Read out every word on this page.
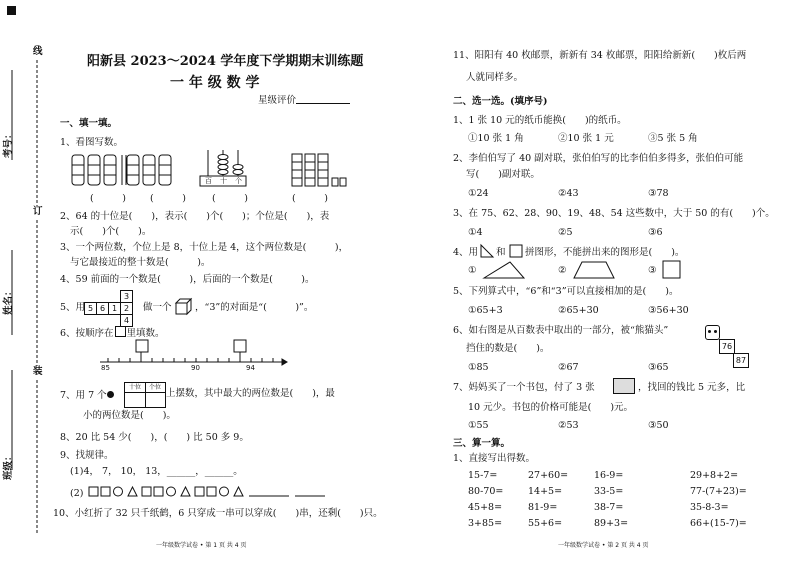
考号：
姓名：
班级：
线
订
装
阳新县 2023～2024 学年度下学期期末训练题
一 年 级 数 学
星级评价
一、填一填。
1、看图写数。
百 十 个
(　　　)	(　　　)	(　　　)	(　　　)
2、64 的十位是(　　)，表示(　　)个(　　)；个位是(　　)，表
示(　　)个(　　)。
3、一个两位数，个位上是 8，十位上是 4，这个两位数是(　　　)，
与它最接近的整十数是(　　　)。
4、59 前面的一个数是(　　　)，后面的一个数是(　　　)。
5、用 5 6 1 2
3
4
做一个 ，“3”的对面是“(　　　)”。
6、按顺序在 里填数。
85	90	94
7、用 7 个
十位	个位
上摆数，其中最大的两位数是(　　)，最
小的两位数是(　　)。
8、20 比 54 少(　　)，(　　) 比 50 多 9。
9、找规律。
(1)4， 7， 10， 13，______，______。
(2)
10、小红折了 32 只千纸鹤，6 只穿成一串可以穿成(　　)串，还剩(　　)只。
一年级数学试卷 • 第 1 页 共 4 页
11、阳阳有 40 枚邮票，新新有 34 枚邮票，阳阳给新新(　　)枚后两
人就同样多。
二、选一选。(填序号)
1、1 张 10 元的纸币能换(　　)的纸币。
①10 张 1 角	②10 张 1 元	③5 张 5 角
2、李伯伯写了 40 副对联，张伯伯写的比李伯伯多得多，张伯伯可能
写(　　)副对联。
①24	②43	③78
3、在 75、62、28、90、19、48、54 这些数中，大于 50 的有(　　)个。
①4	②5	③6
4、用 和 拼图形，不能拼出来的图形是(　　)。
①	②	③
5、下列算式中，“6”和“3”可以直接相加的是(　　)。
①65+3	②65+30	③56+30
6、如右图是从百数表中取出的一部分，被“熊猫头”
挡住的数是(　　)。	76
87
①85	②67	③65
7、妈妈买了一个书包，付了 3 张	，找回的钱比 5 元多，比
10 元少。书包的价格可能是(　　)元。
①55	②53	③50
三、算一算。
1、直接写出得数。
15-7=	27+60=	16-9=	29+8+2=
80-70=	14+5=	33-5=	77-(7+23)=
45+8=	81-9=	38-7=	35-8-3=
3+85=	55+6=	89+3=	66+(15-7)=
一年级数学试卷 • 第 2 页 共 4 页
